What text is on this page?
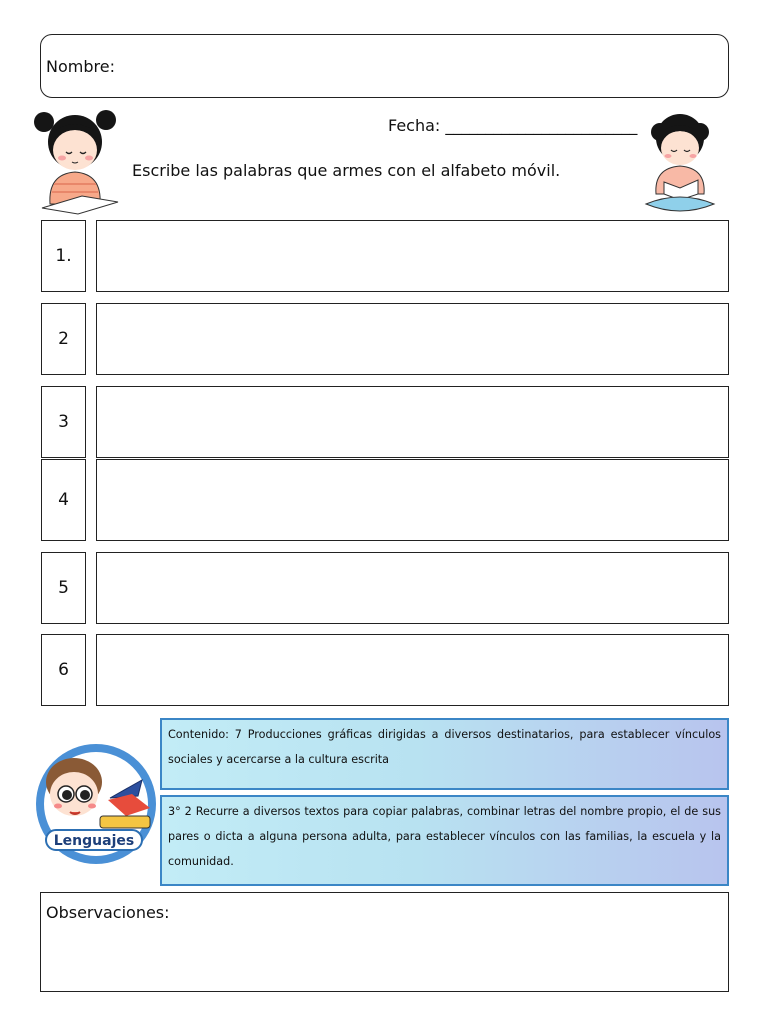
Nombre:
Fecha: ________________________
Escribe las palabras que armes con el alfabeto móvil.
1.
2
3
4
5
6
Lenguajes
Contenido: 7 Producciones gráficas dirigidas a diversos destinatarios, para establecer vínculos sociales y acercarse a la cultura escrita
3° 2 Recurre a diversos textos para copiar palabras, combinar letras del nombre propio, el de sus pares o dicta a alguna persona adulta, para establecer vínculos con las familias, la escuela y la comunidad.
Observaciones:
